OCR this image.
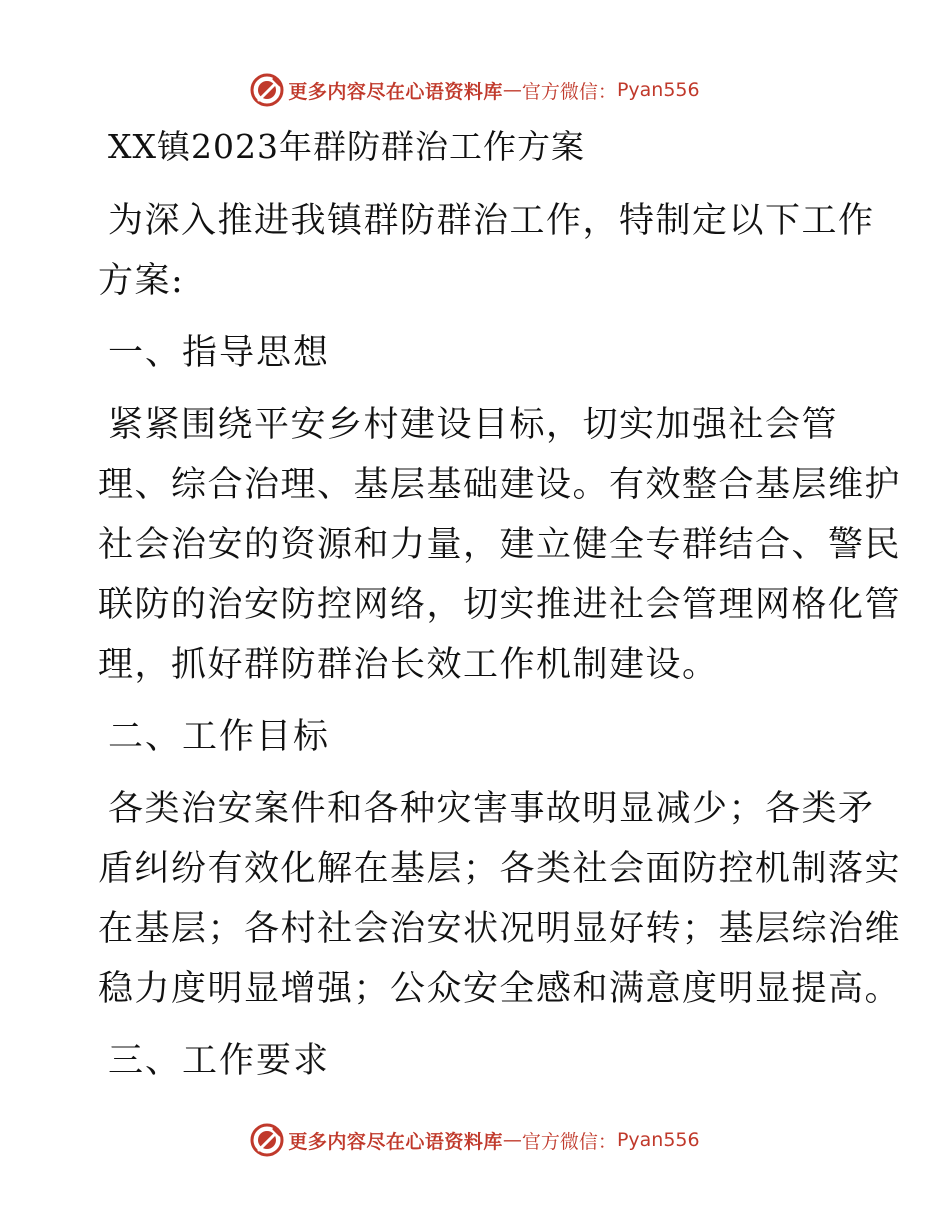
更多内容尽在心语资料库 — 官方微信： Pyan556

XX镇2023年群防群治工作方案

为深入推进我镇群防群治工作，特制定以下工作

方案:

一、指导思想

紧紧围绕平安乡村建设目标，切实加强社会管

理、综合治理、基层基础建设。有效整合基层维护

社会治安的资源和力量，建立健全专群结合、警民

联防的治安防控网络，切实推进社会管理网格化管

理，抓好群防群治长效工作机制建设。

二、工作目标

各类治安案件和各种灾害事故明显减少；各类矛

盾纠纷有效化解在基层；各类社会面防控机制落实

在基层；各村社会治安状况明显好转；基层综治维

稳力度明显增强；公众安全感和满意度明显提高。

三、工作要求

更多内容尽在心语资料库 — 官方微信： Pyan556
